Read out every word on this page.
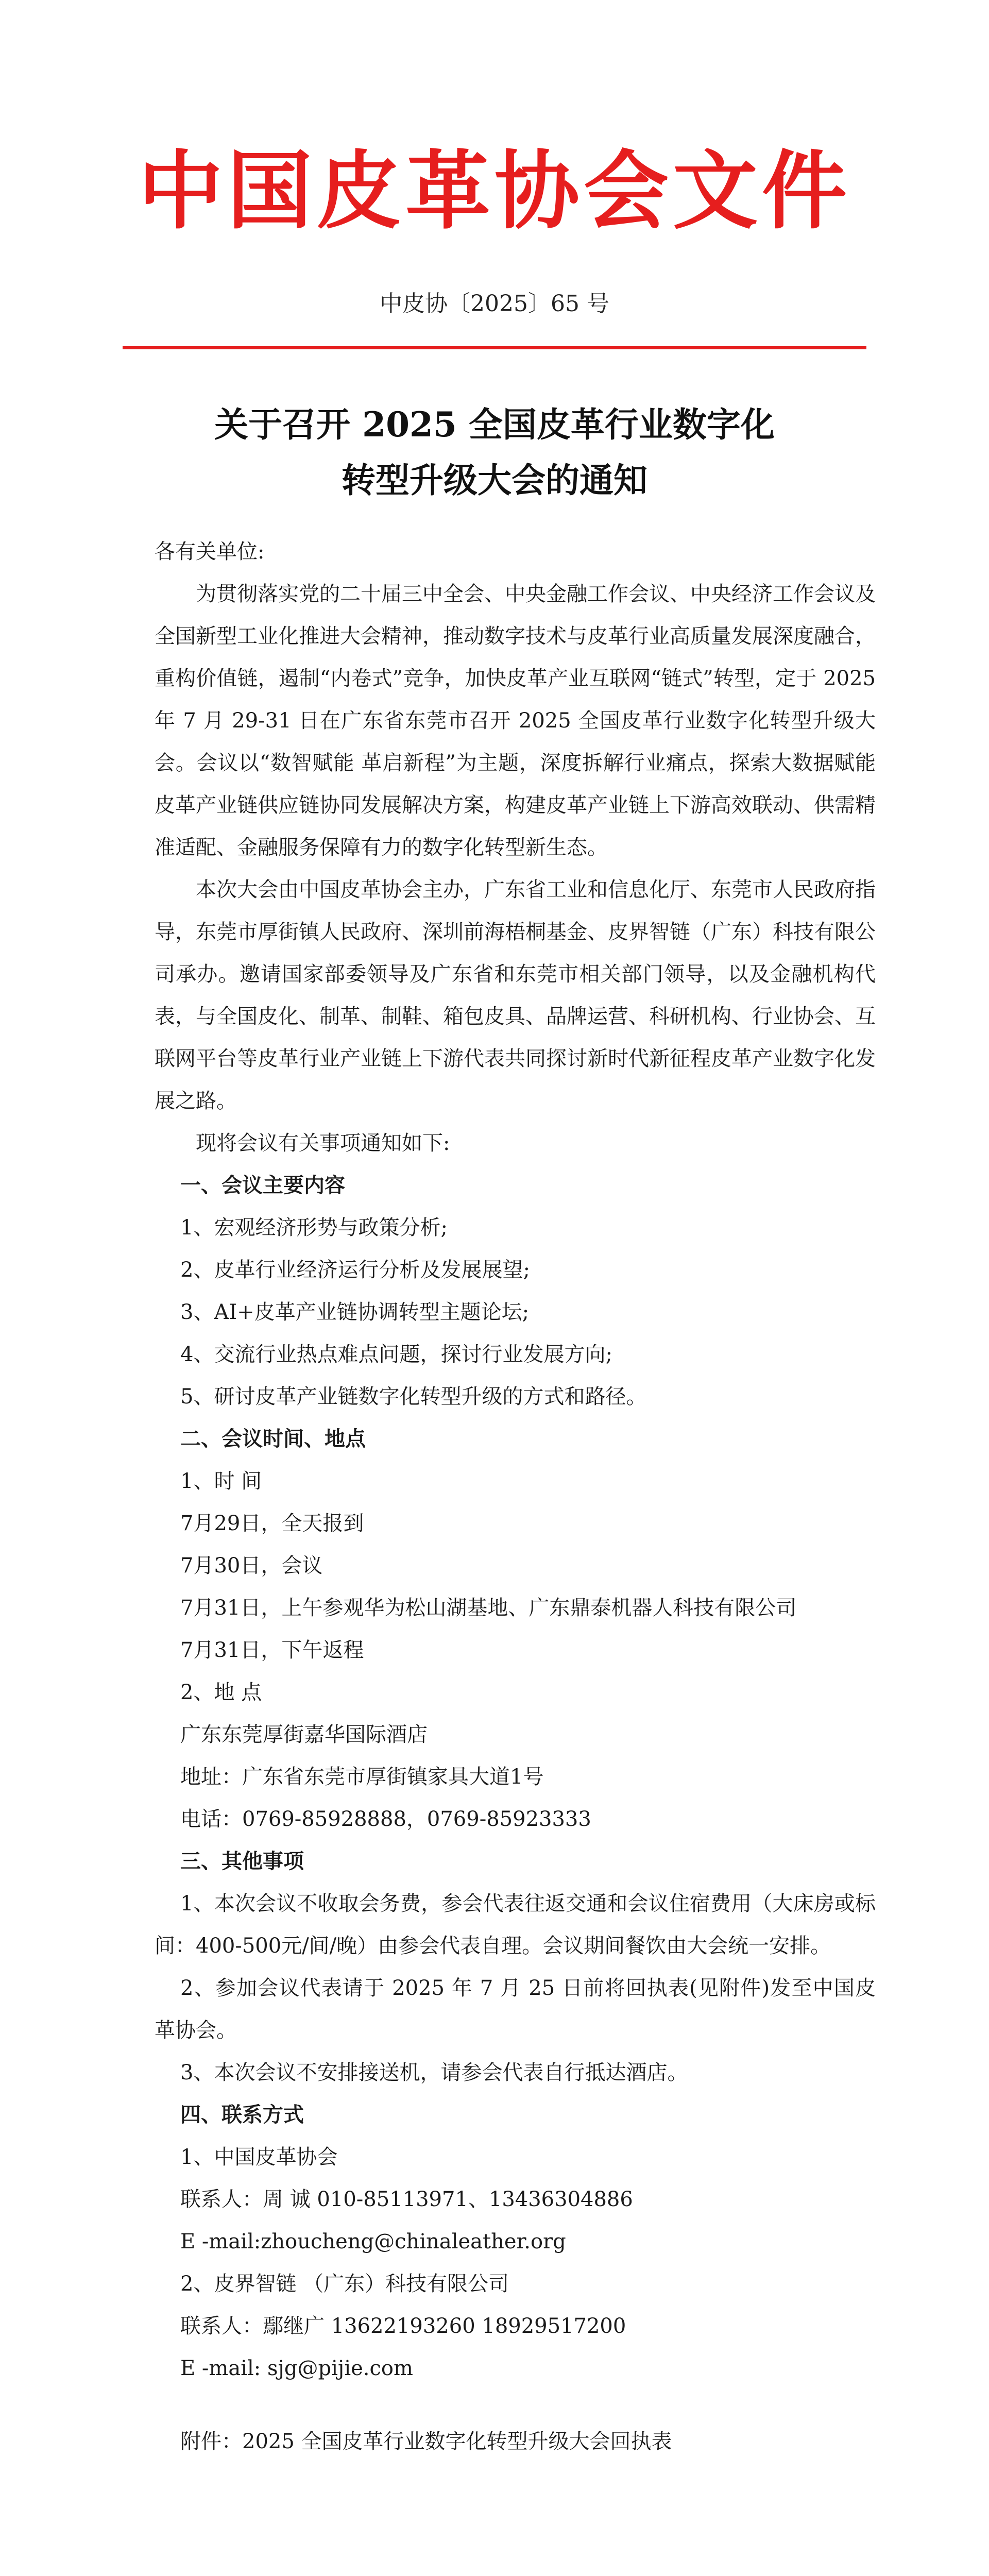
中国皮革协会文件
中皮协〔2025〕65 号
关于召开 2025 全国皮革行业数字化
转型升级大会的通知

各有关单位:

为贯彻落实党的二十届三中全会、中央金融工作会议、中央经济工作会议及全国新型工业化推进大会精神，推动数字技术与皮革行业高质量发展深度融合，重构价值链，遏制“内卷式”竞争，加快皮革产业互联网“链式”转型，定于 2025 年 7 月 29-31 日在广东省东莞市召开 2025 全国皮革行业数字化转型升级大会。会议以“数智赋能 革启新程”为主题，深度拆解行业痛点，探索大数据赋能皮革产业链供应链协同发展解决方案，构建皮革产业链上下游高效联动、供需精准适配、金融服务保障有力的数字化转型新生态。

本次大会由中国皮革协会主办，广东省工业和信息化厅、东莞市人民政府指导，东莞市厚街镇人民政府、深圳前海梧桐基金、皮界智链（广东）科技有限公司承办。邀请国家部委领导及广东省和东莞市相关部门领导，以及金融机构代表，与全国皮化、制革、制鞋、箱包皮具、品牌运营、科研机构、行业协会、互联网平台等皮革行业产业链上下游代表共同探讨新时代新征程皮革产业数字化发展之路。

现将会议有关事项通知如下:

一、会议主要内容

1、宏观经济形势与政策分析;

2、皮革行业经济运行分析及发展展望;

3、AI+皮革产业链协调转型主题论坛;

4、交流行业热点难点问题，探讨行业发展方向;

5、研讨皮革产业链数字化转型升级的方式和路径。

二、会议时间、地点

1、时 间

7月29日，全天报到

7月30日，会议

7月31日，上午参观华为松山湖基地、广东鼎泰机器人科技有限公司

7月31日，下午返程

2、地 点

广东东莞厚街嘉华国际酒店

地址：广东省东莞市厚街镇家具大道1号

电话：0769-85928888，0769-85923333

三、其他事项

1、本次会议不收取会务费，参会代表往返交通和会议住宿费用（大床房或标间：400-500元/间/晚）由参会代表自理。会议期间餐饮由大会统一安排。

2、参加会议代表请于 2025 年 7 月 25 日前将回执表(见附件)发至中国皮革协会。

3、本次会议不安排接送机，请参会代表自行抵达酒店。

四、联系方式

1、中国皮革协会

联系人：周 诚 010-85113971、13436304886

E -mail:zhoucheng@chinaleather.org

2、皮界智链 （广东）科技有限公司

联系人：鄢继广 13622193260 18929517200

E -mail: sjg@pijie.com

附件：2025 全国皮革行业数字化转型升级大会回执表
